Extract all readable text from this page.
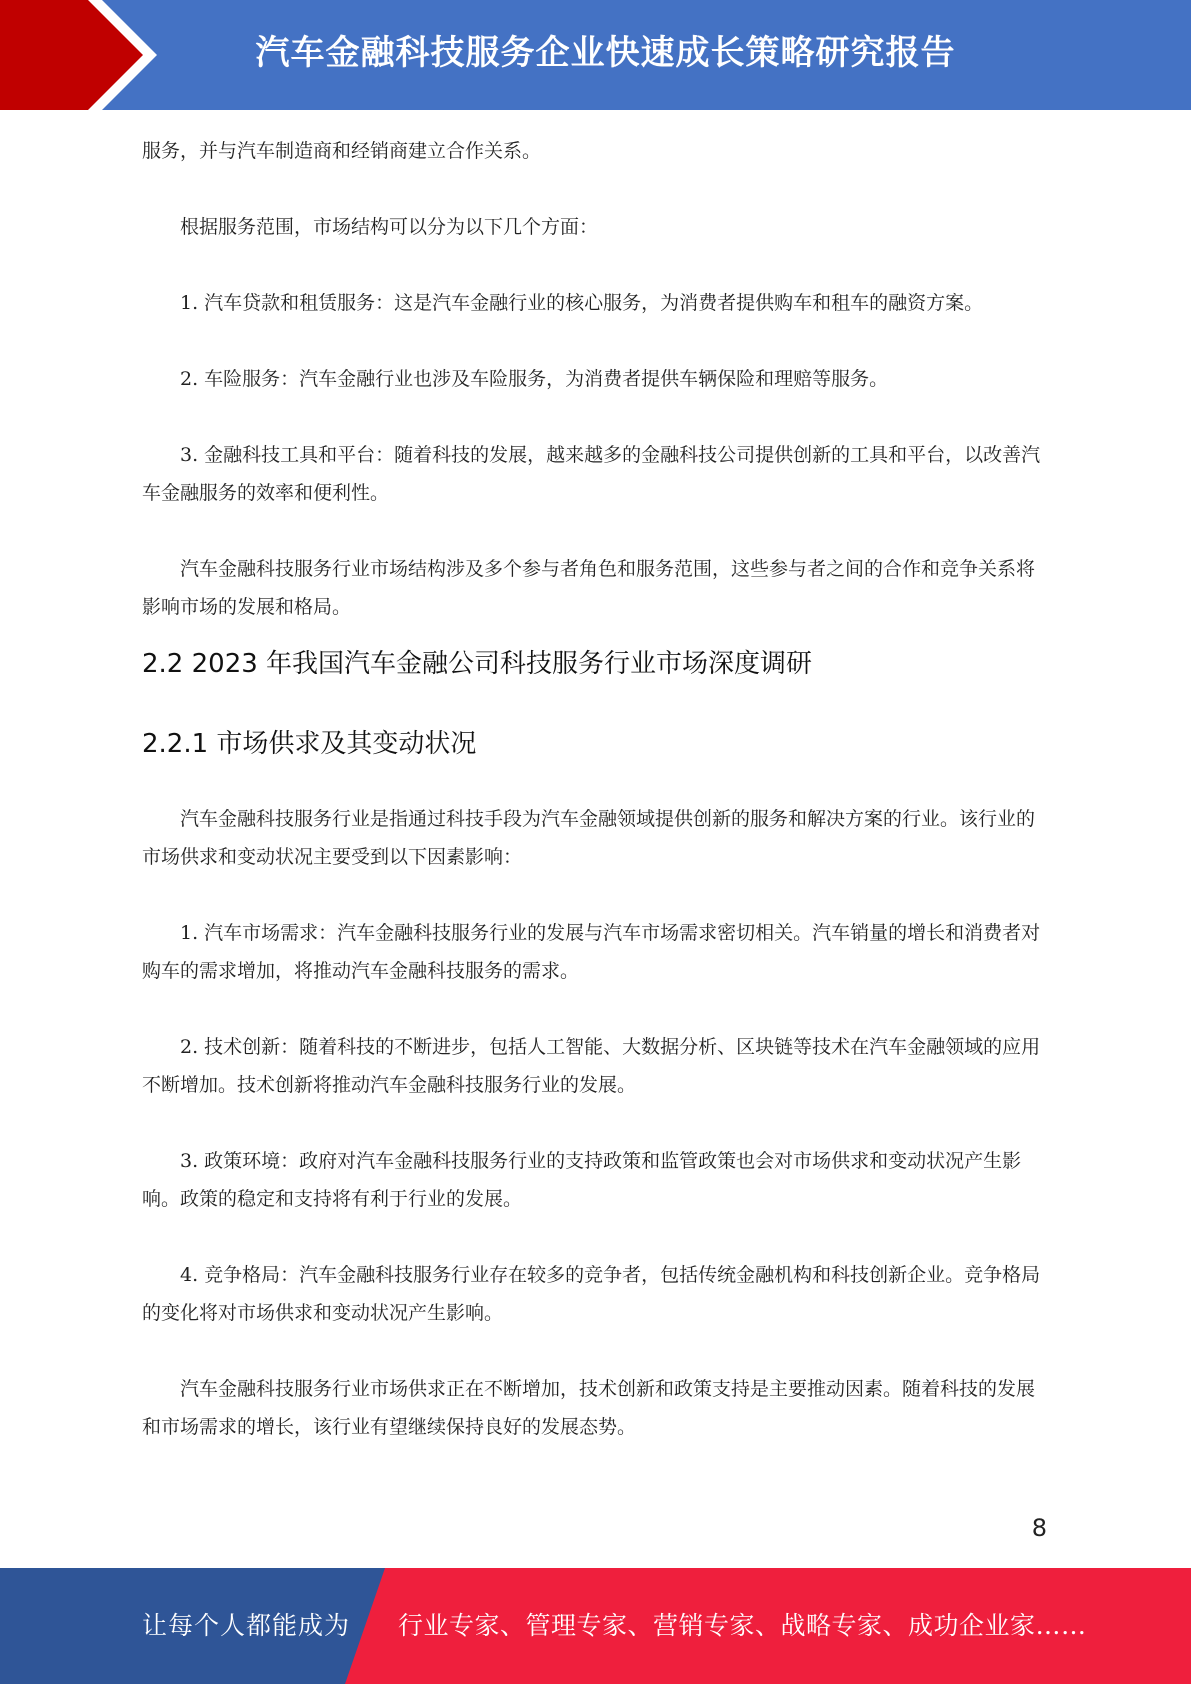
汽车金融科技服务企业快速成长策略研究报告

服务，并与汽车制造商和经销商建立合作关系。

根据服务范围，市场结构可以分为以下几个方面：

1. 汽车贷款和租赁服务：这是汽车金融行业的核心服务，为消费者提供购车和租车的融资方案。

2. 车险服务：汽车金融行业也涉及车险服务，为消费者提供车辆保险和理赔等服务。

3. 金融科技工具和平台：随着科技的发展，越来越多的金融科技公司提供创新的工具和平台，以改善汽车金融服务的效率和便利性。

汽车金融科技服务行业市场结构涉及多个参与者角色和服务范围，这些参与者之间的合作和竞争关系将影响市场的发展和格局。

2.2 2023 年我国汽车金融公司科技服务行业市场深度调研
2.2.1 市场供求及其变动状况

汽车金融科技服务行业是指通过科技手段为汽车金融领域提供创新的服务和解决方案的行业。该行业的市场供求和变动状况主要受到以下因素影响：

1. 汽车市场需求：汽车金融科技服务行业的发展与汽车市场需求密切相关。汽车销量的增长和消费者对购车的需求增加，将推动汽车金融科技服务的需求。

2. 技术创新：随着科技的不断进步，包括人工智能、大数据分析、区块链等技术在汽车金融领域的应用不断增加。技术创新将推动汽车金融科技服务行业的发展。

3. 政策环境：政府对汽车金融科技服务行业的支持政策和监管政策也会对市场供求和变动状况产生影响。政策的稳定和支持将有利于行业的发展。

4. 竞争格局：汽车金融科技服务行业存在较多的竞争者，包括传统金融机构和科技创新企业。竞争格局的变化将对市场供求和变动状况产生影响。

汽车金融科技服务行业市场供求正在不断增加，技术创新和政策支持是主要推动因素。随着科技的发展和市场需求的增长，该行业有望继续保持良好的发展态势。

8
让每个人都能成为 行业专家、管理专家、营销专家、战略专家、成功企业家……
